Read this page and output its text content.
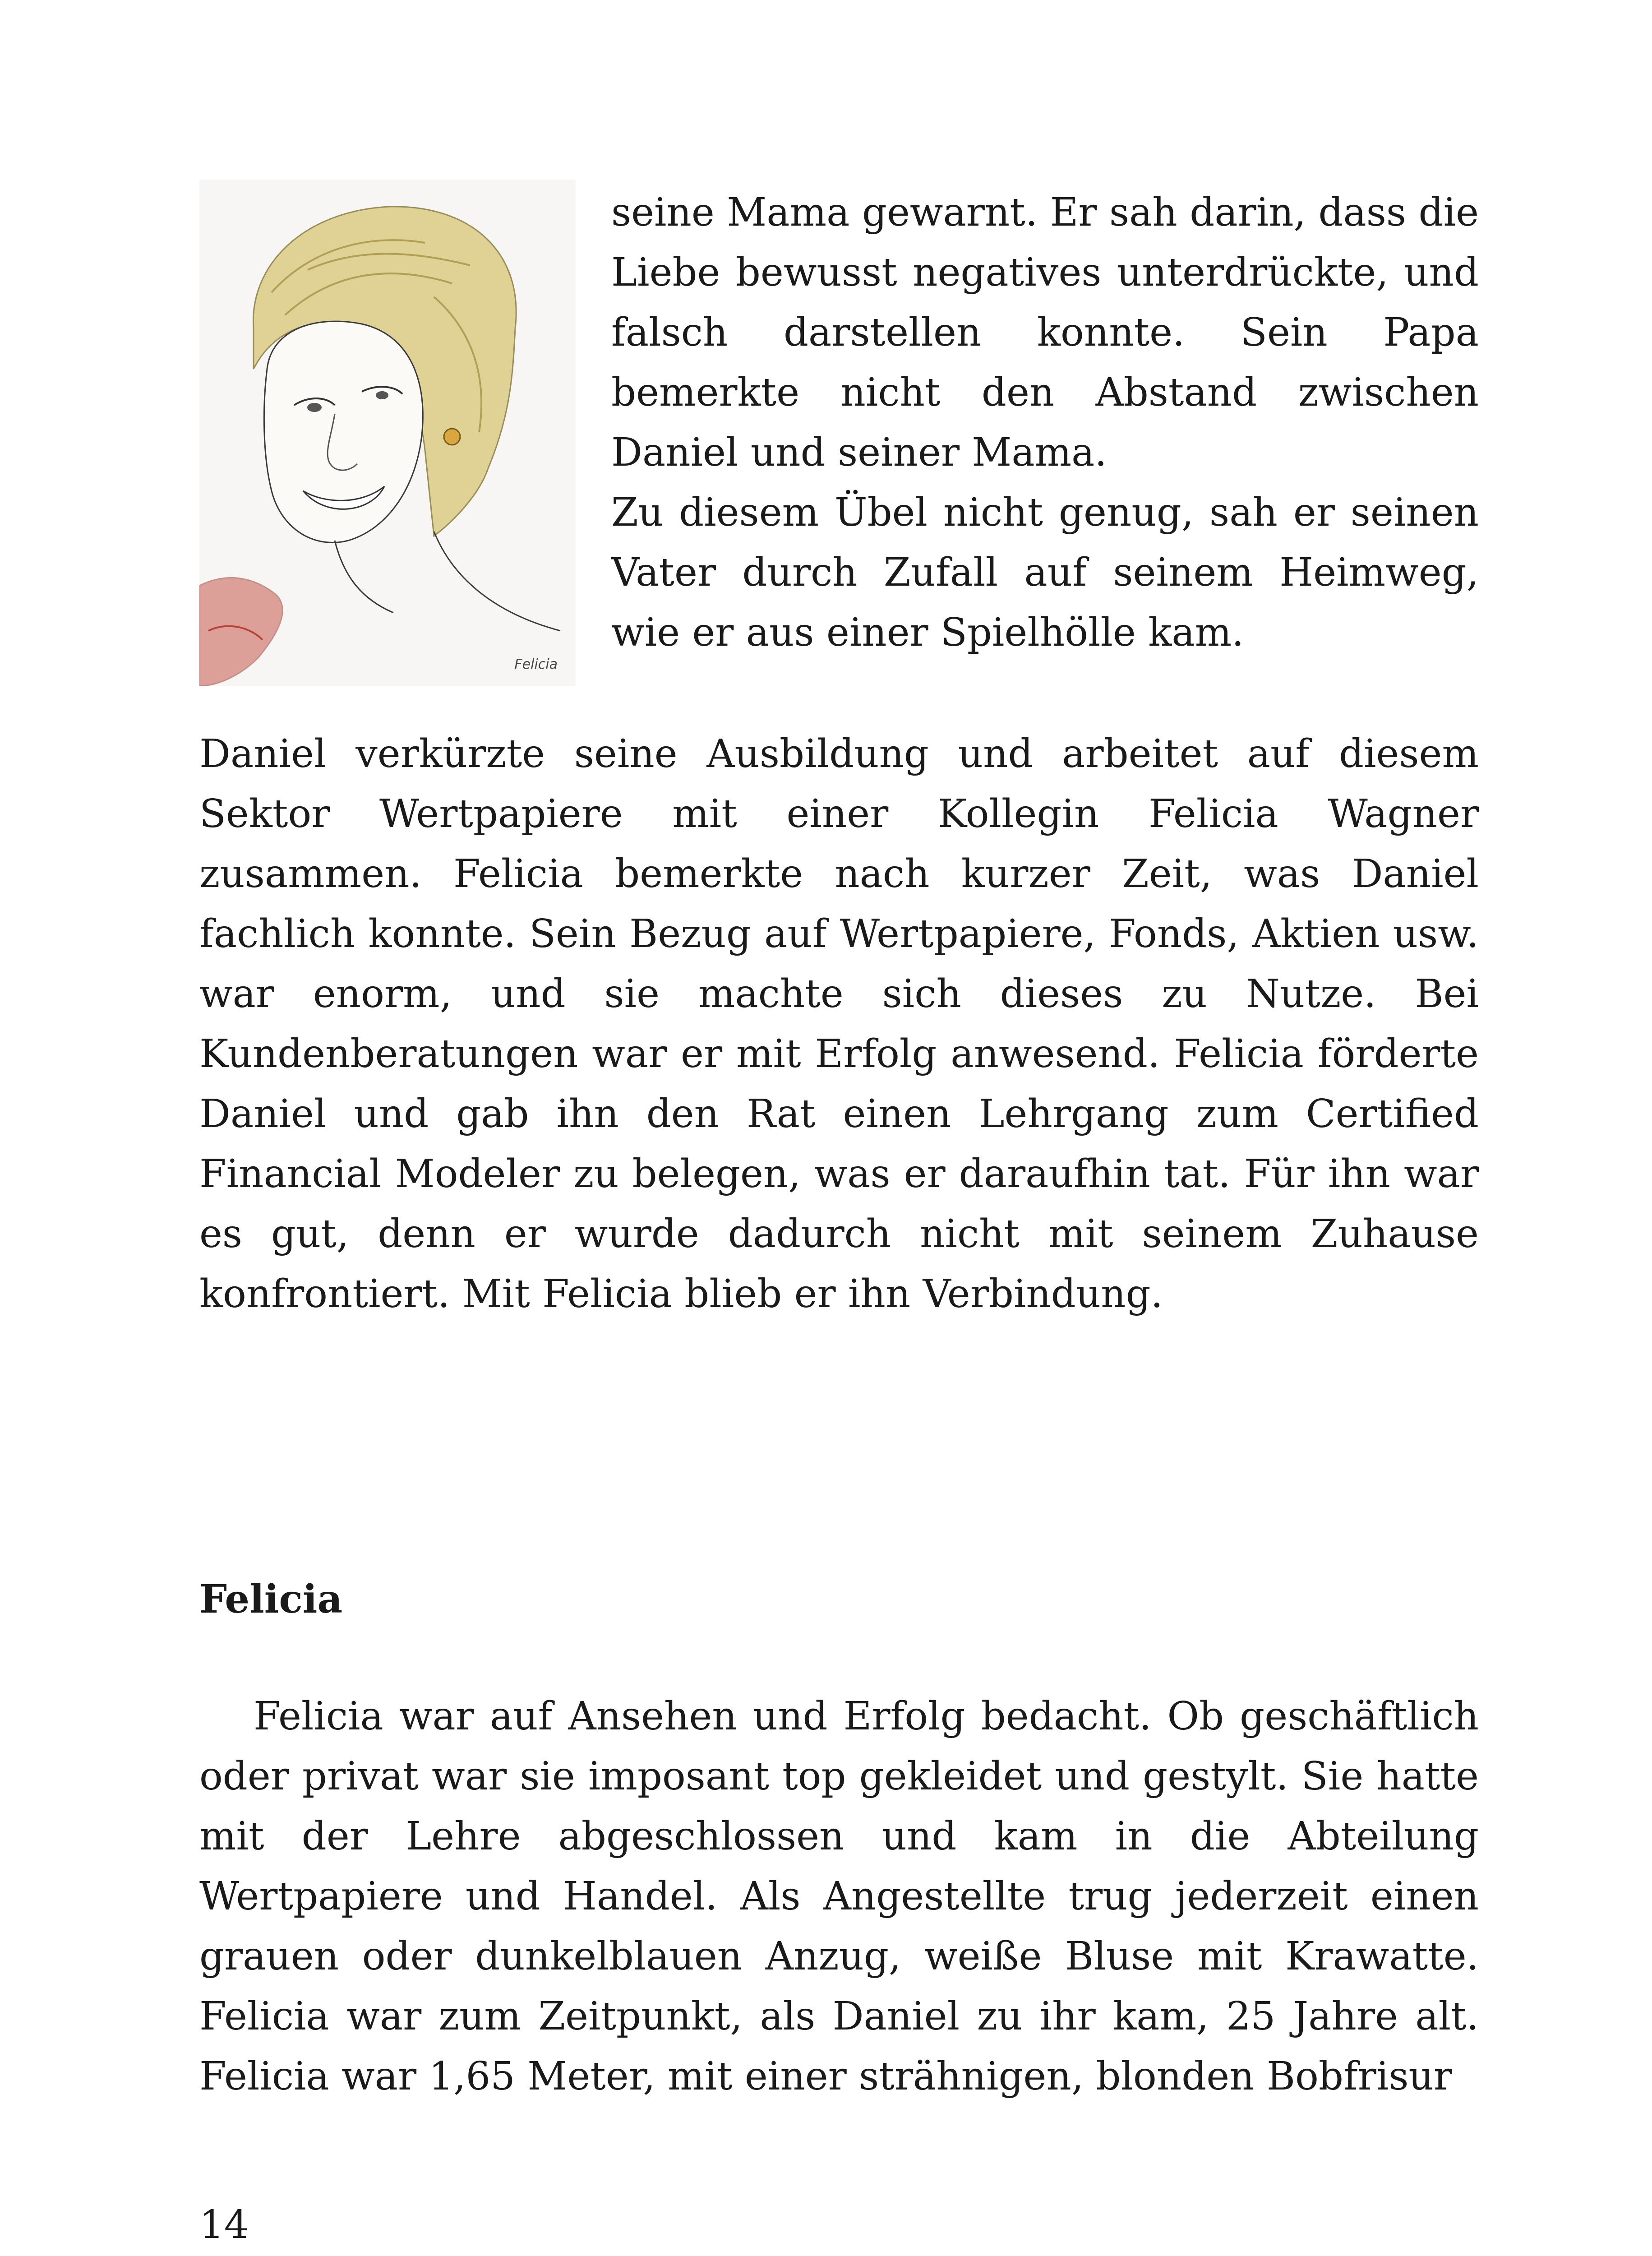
Felicia

seine Mama gewarnt. Er sah darin, dass die Liebe bewusst negatives unterdrückte, und falsch darstellen konnte. Sein Papa bemerkte nicht den Abstand zwischen Daniel und seiner Mama.
Zu diesem Übel nicht genug, sah er seinen Vater durch Zufall auf seinem Heimweg, wie er aus einer Spielhölle kam.

Daniel verkürzte seine Ausbildung und arbeitet auf diesem Sektor Wertpapiere mit einer Kollegin Felicia Wagner zusammen. Felicia bemerkte nach kurzer Zeit, was Daniel fachlich konnte. Sein Bezug auf Wertpapiere, Fonds, Aktien usw. war enorm, und sie machte sich dieses zu Nutze. Bei Kundenberatungen war er mit Erfolg anwesend. Felicia förderte Daniel und gab ihn den Rat einen Lehrgang zum Certified Financial Modeler zu belegen, was er daraufhin tat. Für ihn war es gut, denn er wurde dadurch nicht mit seinem Zuhause konfrontiert. Mit Felicia blieb er ihn Verbindung.

Felicia

Felicia war auf Ansehen und Erfolg bedacht. Ob geschäftlich oder privat war sie imposant top gekleidet und gestylt. Sie hatte mit der Lehre abgeschlossen und kam in die Abteilung Wertpapiere und Handel. Als Angestellte trug jederzeit einen grauen oder dunkelblauen Anzug, weiße Bluse mit Krawatte. Felicia war zum Zeitpunkt, als Daniel zu ihr kam, 25 Jahre alt. Felicia war 1,65 Meter, mit einer strähnigen, blonden Bobfrisur

14
